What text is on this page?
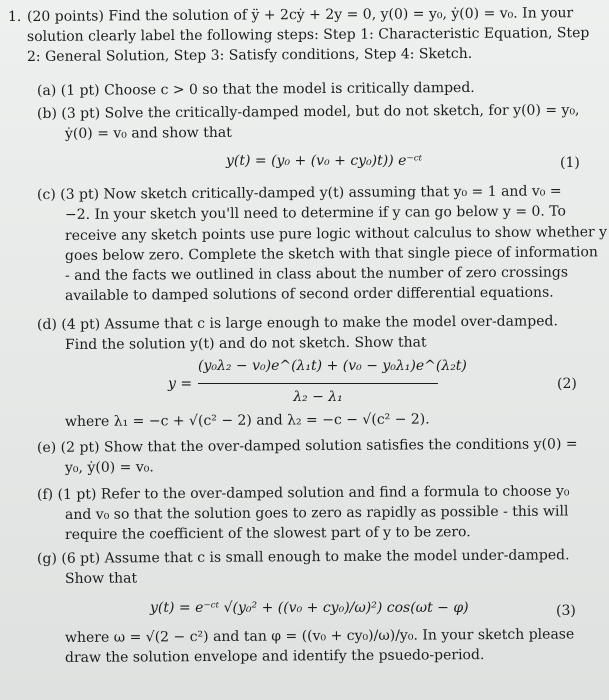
1. (20 points) Find the solution of ÿ + 2cẏ + 2y = 0, y(0) = y₀, ẏ(0) = v₀. In your
solution clearly label the following steps: Step 1: Characteristic Equation, Step
2: General Solution, Step 3: Satisfy conditions, Step 4: Sketch.
(a) (1 pt) Choose c > 0 so that the model is critically damped.
(b) (3 pt) Solve the critically-damped model, but do not sketch, for y(0) = y₀,
ẏ(0) = v₀ and show that
y(t) = (y₀ + (v₀ + cy₀)t)) e⁻ᶜᵗ	(1)
(c) (3 pt) Now sketch critically-damped y(t) assuming that y₀ = 1 and v₀ =
−2. In your sketch you'll need to determine if y can go below y = 0. To
receive any sketch points use pure logic without calculus to show whether y
goes below zero. Complete the sketch with that single piece of information
- and the facts we outlined in class about the number of zero crossings
available to damped solutions of second order differential equations.
(d) (4 pt) Assume that c is large enough to make the model over-damped.
Find the solution y(t) and do not sketch. Show that
y =
(y₀λ₂ − v₀)e^(λ₁t) + (v₀ − y₀λ₁)e^(λ₂t)
λ₂ − λ₁
(2)
where λ₁ = −c + √(c² − 2) and λ₂ = −c − √(c² − 2).
(e) (2 pt) Show that the over-damped solution satisfies the conditions y(0) =
y₀, ẏ(0) = v₀.
(f) (1 pt) Refer to the over-damped solution and find a formula to choose y₀
and v₀ so that the solution goes to zero as rapidly as possible - this will
require the coefficient of the slowest part of y to be zero.
(g) (6 pt) Assume that c is small enough to make the model under-damped.
Show that
y(t) = e⁻ᶜᵗ √(y₀² + ((v₀ + cy₀)/ω)²) cos(ωt − φ)	(3)
where ω = √(2 − c²) and tan φ = ((v₀ + cy₀)/ω)/y₀. In your sketch please
draw the solution envelope and identify the psuedo-period.
